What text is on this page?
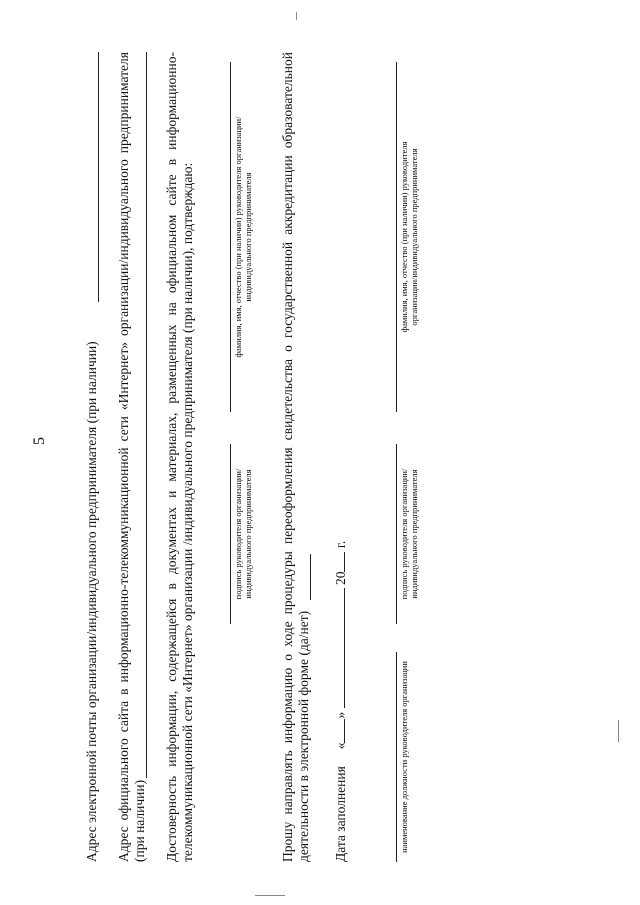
5	Адрес электронной почты организации/индивидуального предпринимателя (при наличии) Адрес официального сайта в информационно-телекоммуникационной сети «Интернет» организации/индивидуального предпринимателя (при наличии) Достоверность информации, содержащейся в документах и материалах, размещенных на официальном сайте в информационно- телекоммуникационной сети «Интернет» организации /индивидуального предпринимателя (при наличии), подтверждаю:	подпись руководителя организации/
индивидуального предпринимателя
фамилия, имя, отчество (при наличии) руководителя организации/
индивидуального предпринимателя Прошу направлять информацию о ходе процедуры переоформления свидетельства о государственной аккредитации образовательной деятельности в электронной форме (да/нет) Дата заполнения     «»  20 г.
наименование должности руководителя организации
подпись руководителя организации/
индивидуального предпринимателя
фамилия, имя, отчество (при наличии) руководителя
организации/индивидуального предпринимателя
